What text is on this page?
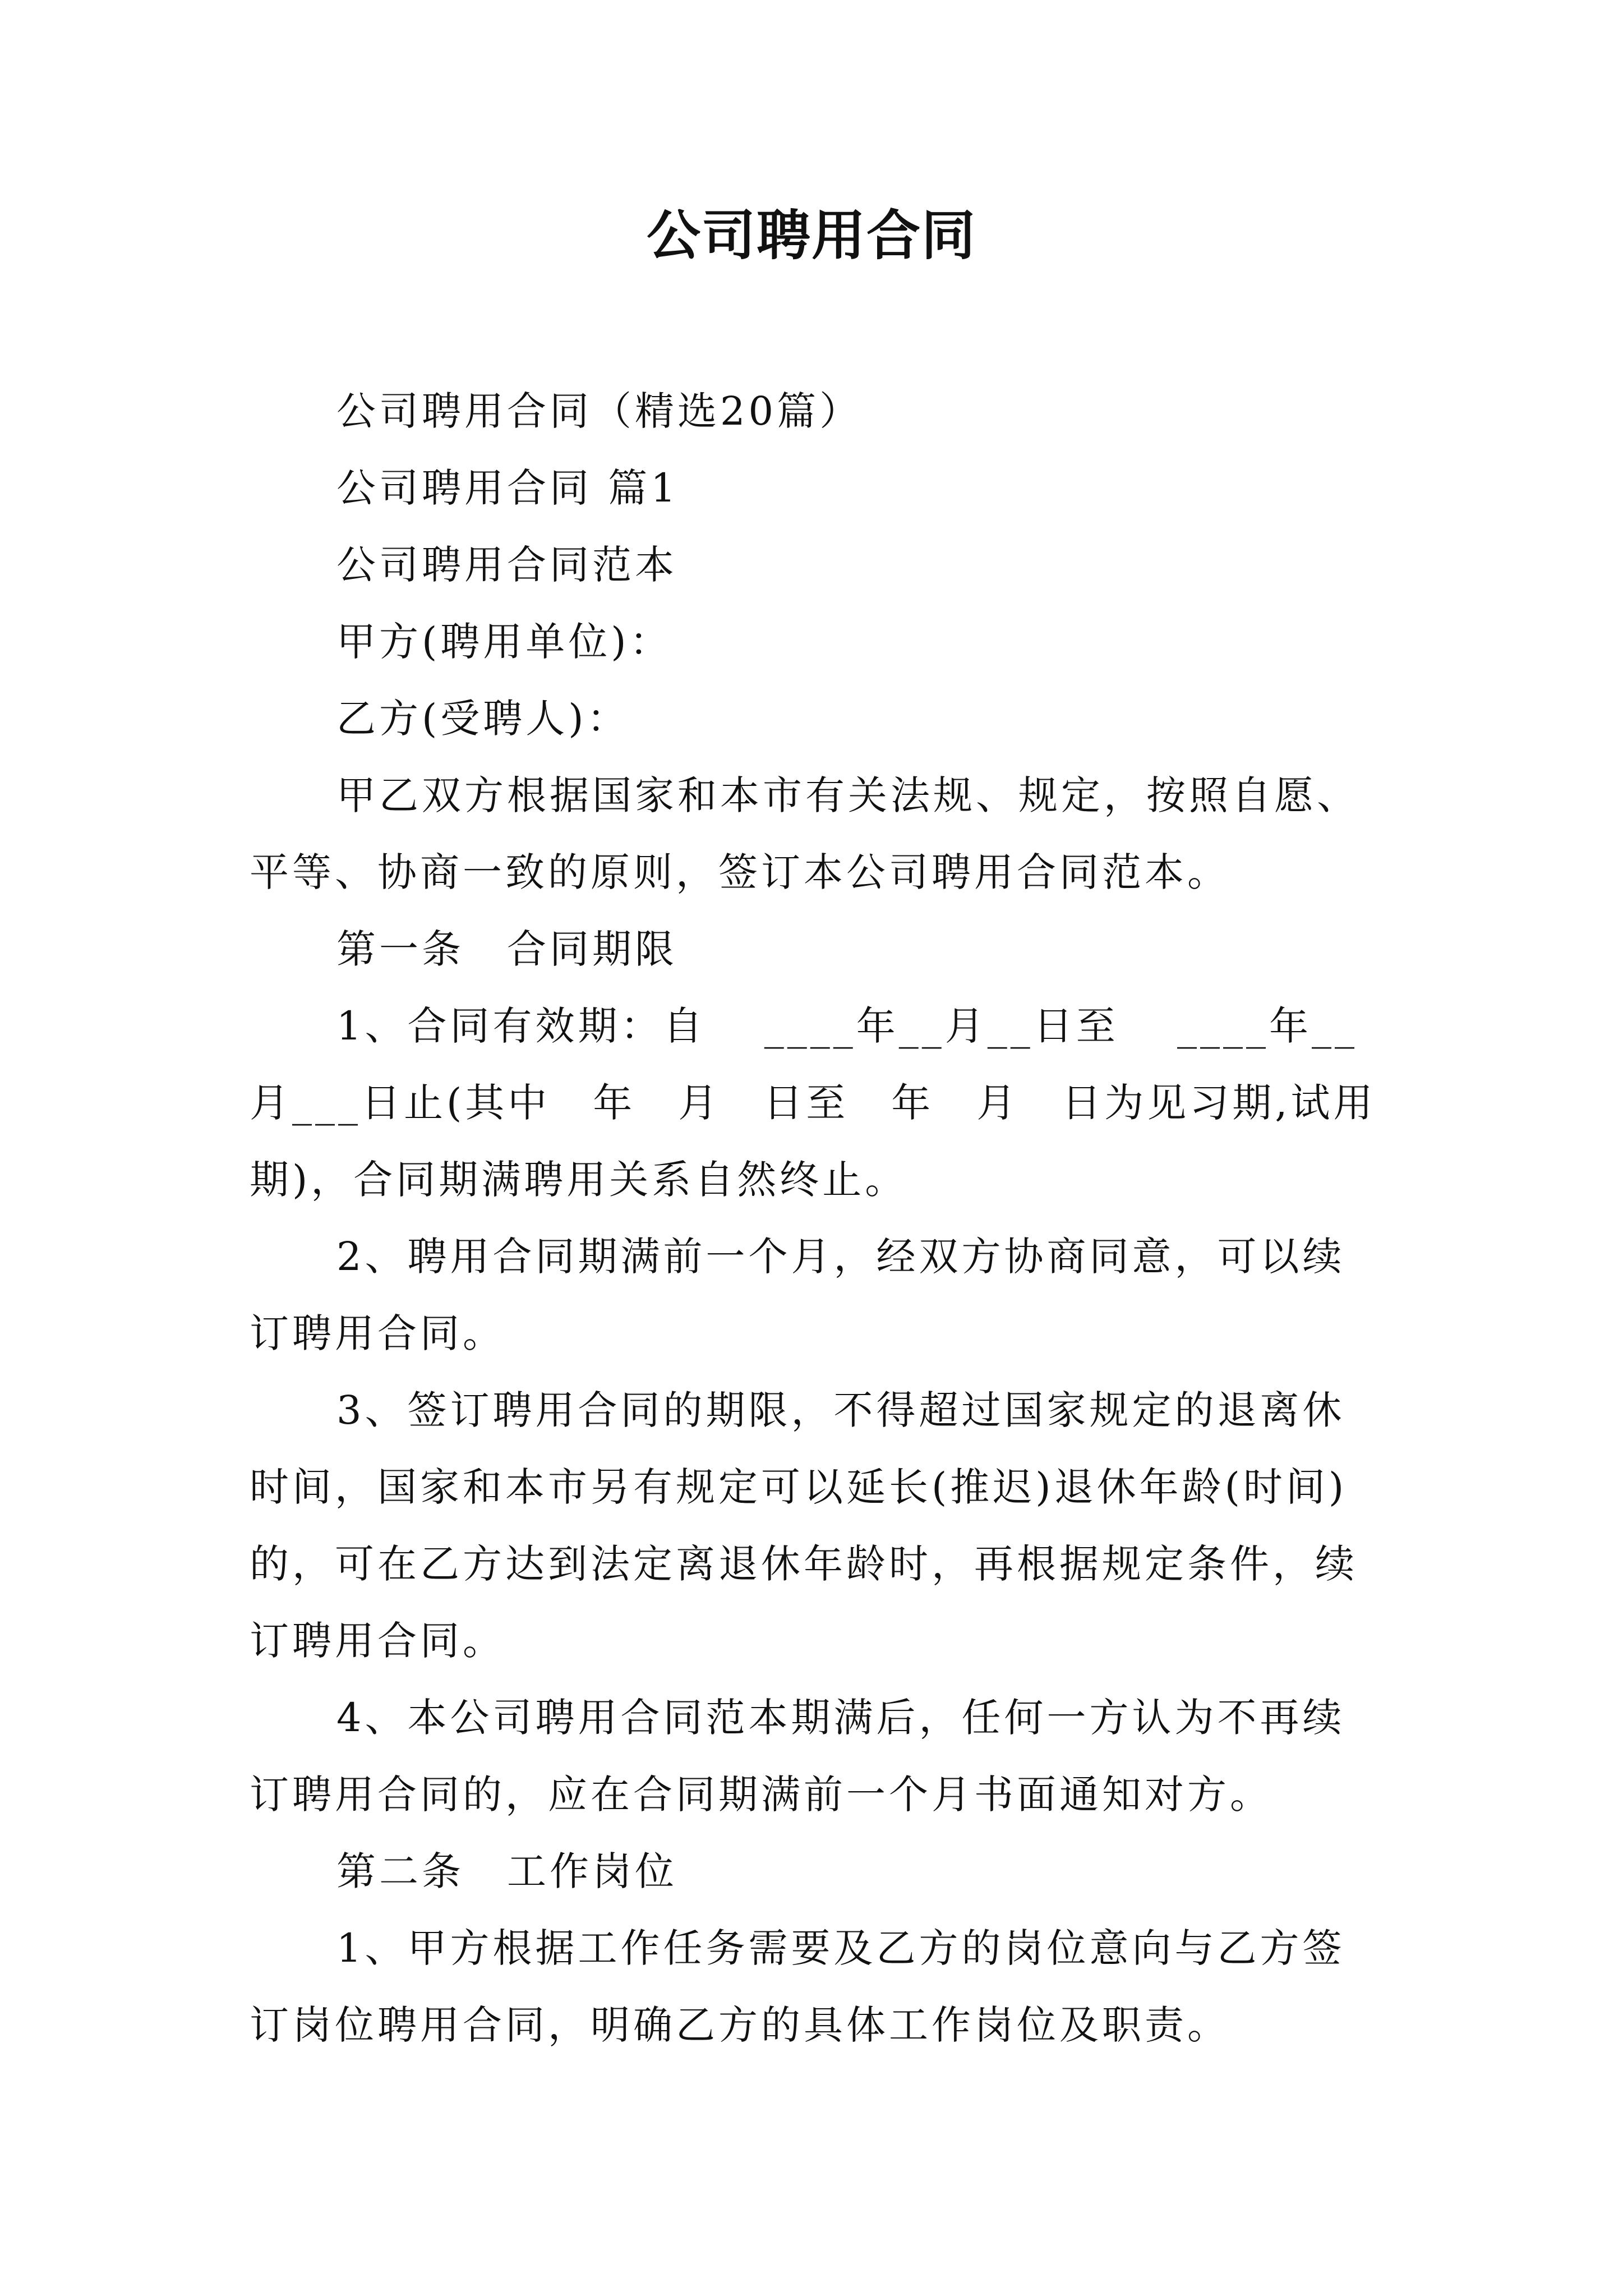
公司聘用合同

公司聘用合同（精选20篇）

公司聘用合同 篇1

公司聘用合同范本

甲方(聘用单位)：

乙方(受聘人)：

甲乙双方根据国家和本市有关法规、规定，按照自愿、平等、协商一致的原则，签订本公司聘用合同范本。

第一条　合同期限

1、合同有效期：自　 ____年__月__日至　 ____年__月___日止(其中　年　月　日至　年　月　日为见习期,试用期)，合同期满聘用关系自然终止。

2、聘用合同期满前一个月，经双方协商同意，可以续订聘用合同。

3、签订聘用合同的期限，不得超过国家规定的退离休时间，国家和本市另有规定可以延长(推迟)退休年龄(时间)的，可在乙方达到法定离退休年龄时，再根据规定条件，续订聘用合同。

4、本公司聘用合同范本期满后，任何一方认为不再续订聘用合同的，应在合同期满前一个月书面通知对方。

第二条　工作岗位

1、甲方根据工作任务需要及乙方的岗位意向与乙方签订岗位聘用合同，明确乙方的具体工作岗位及职责。
